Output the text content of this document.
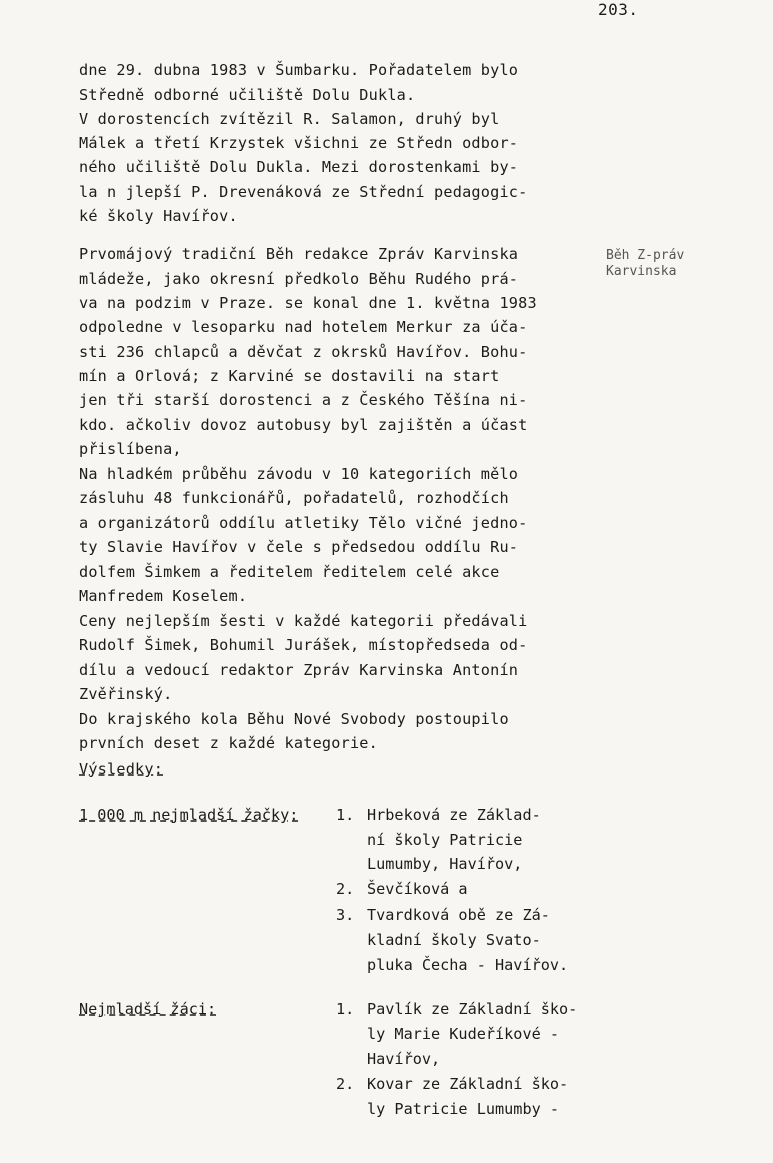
203.
dne 29. dubna 1983 v Šumbarku. Pořadatelem bylo
Středně odborné učiliště Dolu Dukla.
V dorostencích zvítězil R. Salamon, druhý byl
Málek a třetí Krzystek všichni ze Středn odbor-
ného učiliště Dolu Dukla. Mezi dorostenkami by-
la n jlepší P. Drevenáková ze Střední pedagogic-
ké školy Havířov.
Prvomájový tradiční Běh redakce Zpráv Karvinska
mládeže, jako okresní předkolo Běhu Rudého prá-
va na podzim v Praze. se konal dne 1. května 1983
odpoledne v lesoparku nad hotelem Merkur za úča-
sti 236 chlapců a děvčat z okrsků Havířov. Bohu-
mín a Orlová; z Karviné se dostavili na start
jen tři starší dorostenci a z Českého Těšína ni-
kdo. ačkoliv dovoz autobusy byl zajištěn a účast
přislíbena,
Na hladkém průběhu závodu v 10 kategoriích mělo
zásluhu 48 funkcionářů, pořadatelů, rozhodčích
a organizátorů oddílu atletiky Tělo vičné jedno-
ty Slavie Havířov v čele s předsedou oddílu Ru-
dolfem Šimkem a ředitelem ředitelem celé akce
Manfredem Koselem.
Ceny nejlepším šesti v každé kategorii předávali
Rudolf Šimek, Bohumil Jurášek, místopředseda od-
dílu a vedoucí redaktor Zpráv Karvinska Antonín
Zvěřinský.
Do krajského kola Běhu Nové Svobody postoupilo
prvních deset z každé kategorie.
Běh Z-práv
Karvinska
Výsledky:
1 000 m nejmladší žačky: 1. Hrbeková ze Základ-
ní školy Patricie
Lumumby, Havířov,
2. Ševčíková a
3. Tvardková obě ze Zá-
kladní školy Svato-
pluka Čecha - Havířov.
Nejmladší žáci:	1. Pavlík ze Základní ško-
ly Marie Kudeříkové -
Havířov,
2. Kovar ze Základní ško-
ly Patricie Lumumby -
